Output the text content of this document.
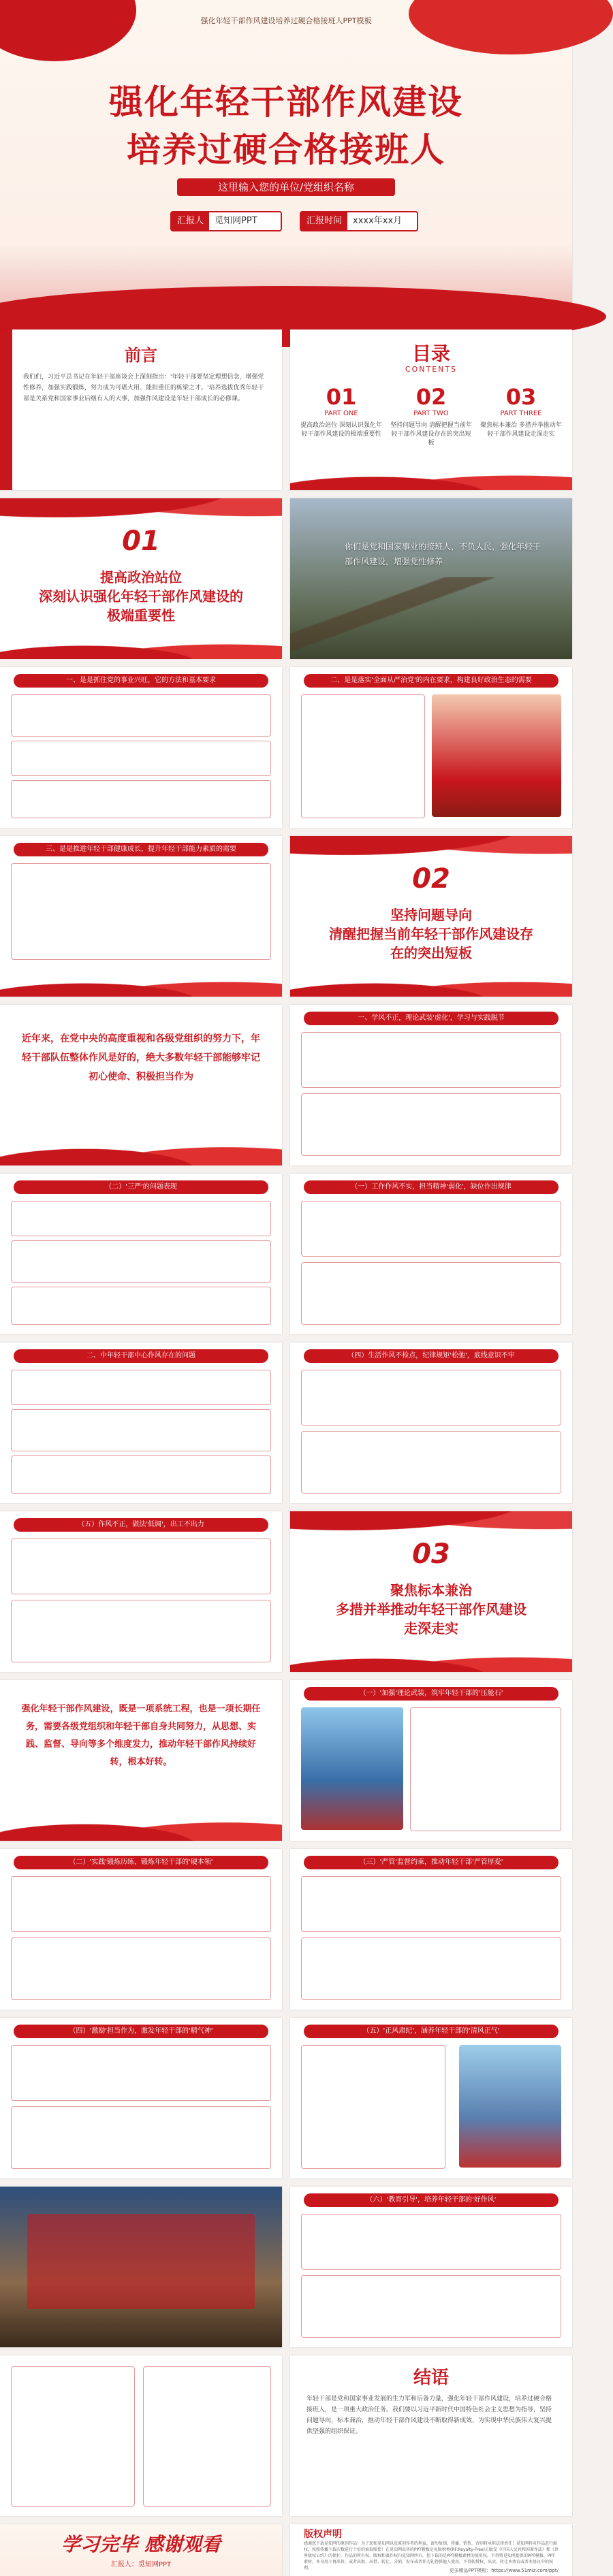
强化年轻干部作风建设培养过硬合格接班人PPT模板
强化年轻干部作风建设
培养过硬合格接班人
这里输入您的单位/党组织名称
汇报人	觅知网PPT	汇报时间	xxxx年xx月
前言
我们们，习近平总书记在年轻干部座谈会上深刻指出：'年轻干部要坚定理想信念，增强党性修养，加强实践锻炼，努力成为可堪大用、能担重任的栋梁之才。'培养选拔优秀年轻干部是关系党和国家事业后继有人的大事，加强作风建设是年轻干部成长的必修课。
目录
CONTENTS
01
PART ONE
提高政治站位 深刻认识强化年轻干部作风建设的极端重要性
02
PART TWO
坚持问题导向 清醒把握当前年轻干部作风建设存在的突出短板
03
PART THREE
聚焦标本兼治 多措并举推动年轻干部作风建设走深走实
01
提高政治站位
深刻认识强化年轻干部作风建设的
极端重要性
你们是党和国家事业的接班人，不负人民，强化年轻干部作风建设，增强党性修养
一、是是抓住党的事业兴旺，它的方法和基本要求	二、是是落实'全面从严治党'的内在要求，构建良好政治生态的需要
三、是是推进年轻干部健康成长，提升年轻干部能力素质的需要
02
坚持问题导向
清醒把握当前年轻干部作风建设存
在的突出短板
近年来，在党中央的高度重视和各级党组织的努力下，年轻干部队伍整体作风是好的，绝大多数年轻干部能够牢记初心使命、积极担当作为
一、学风不正，理论武装'虚化'，学习与实践脱节
（二）'三严'的问题表现	（一）工作作风不实，担当精神'弱化'，缺位作出规律
二、中年轻干部中心作风存在的问题	（四）生活作风不检点，纪律规矩'松弛'，底线意识不牢
（五）作风不正，做法'低调'，出工不出力
03
聚焦标本兼治
多措并举推动年轻干部作风建设
走深走实
强化年轻干部作风建设，既是一项系统工程，也是一项长期任务，需要各级党组织和年轻干部自身共同努力，从思想、实践、监督、导向等多个维度发力，推动年轻干部作风持续好转，根本好转。
（一）'加强'理论武装，筑牢年轻干部的'压舱石'
（二）'实践'锻炼历练，锻炼年轻干部的'硬本领'	（三）'严管'监督约束，推动年轻干部'严管厚爱'
（四）'激励'担当作为，激发年轻干部的'精气神'	（五）'正风肃纪'，涵养年轻干部的'清风正气'
（六）'教育引导'，培养年轻干部的'好作风'
结语
年轻干部是党和国家事业发展的生力军和后备力量，强化年轻干部作风建设，培养过硬合格接班人，是一项重大政治任务。我们要以习近平新时代中国特色社会主义思想为指导，坚持问题导向，标本兼治，推动年轻干部作风建设不断取得新成效，为实现中华民族伟大复兴提供坚强的组织保证。
学习完毕 感谢观看
汇报人：觅知网PPT
版权声明
感谢您下载觅知网的原创作品！为了您和觅知网以及原创作者的利益，请勿复制、传播、销售，否则将承担法律责任！觅知网将对作品进行维权，按照传播下载次数进行十倍的索取赔偿！在觅知网出售的PPT模板是免版税类(RF:Royalty-Free)正版受《中国人民共和国著作法》和《世界版权公约》的保护，作品的所有权、版权和著作权归觅知网所有，您下载的是PPT模板素材的使用权。不得将觅知网提供的PPT模板、PPT素材，本身用于再出售，或者出租、出借、转让、分销、发布或者作为礼物供他人使用，不得转授权、出卖、转让本协议或者本协议中的权利。	更多精品PPT模板：https://www.51miz.com/ppt/
